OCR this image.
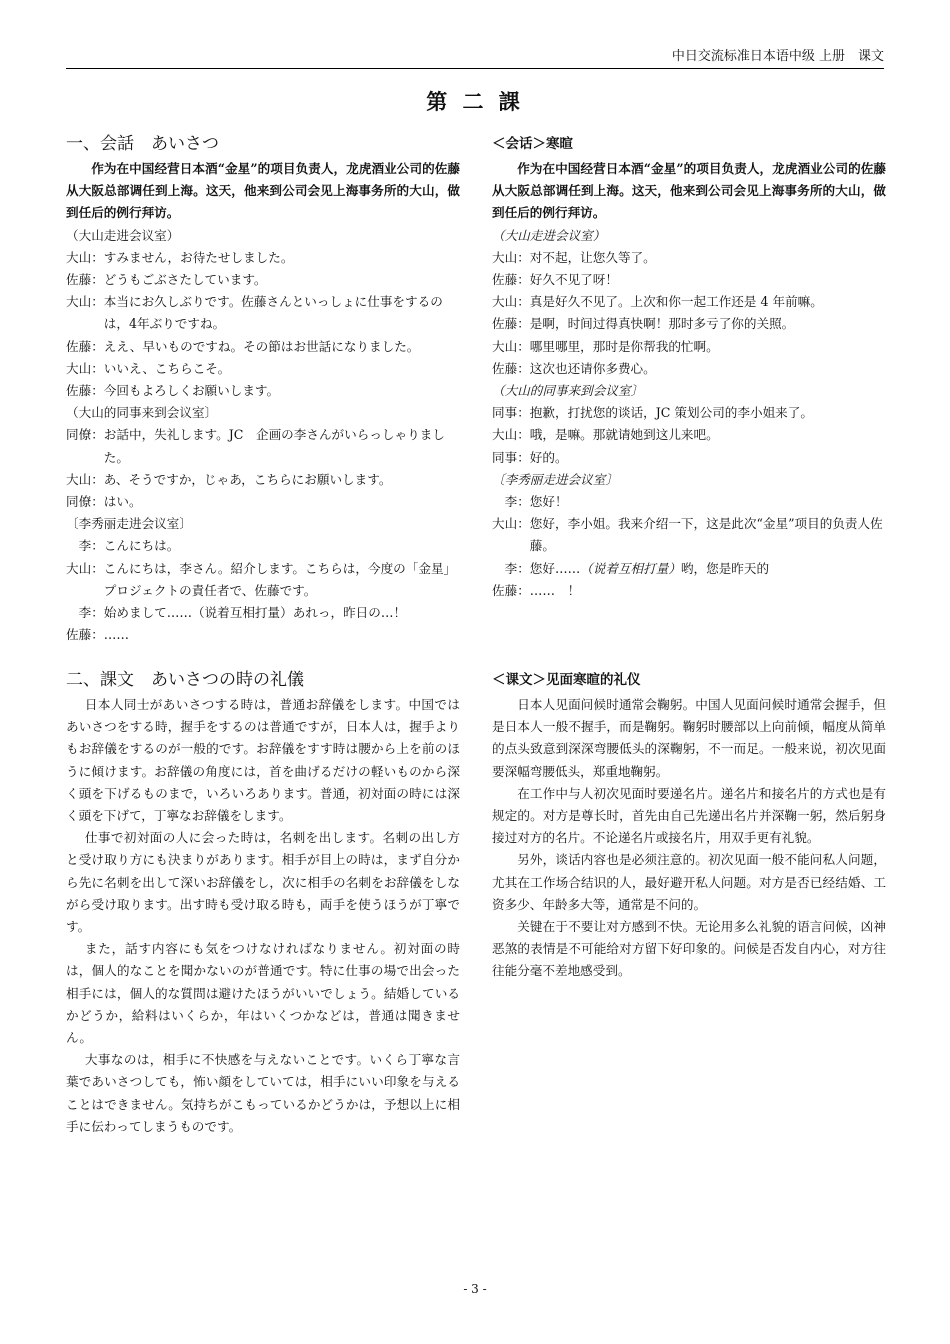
中日交流标准日本语中级 上册　课文
第 二 課
一、会話　あいさつ
作为在中国经营日本酒“金星”的项目负责人，龙虎酒业公司的佐藤从大阪总部调任到上海。这天，他来到公司会见上海事务所的大山，做到任后的例行拜访。
（大山走进会议室）
大山： すみません，お待たせしました。
佐藤： どうもごぶさたしています。
大山： 本当にお久しぶりです。佐藤さんといっしょに仕事をするのは，4年ぶりですね。
佐藤： ええ、早いものですね。その節はお世話になりました。
大山： いいえ、こちらこそ。
佐藤： 今回もよろしくお願いします。
（大山的同事来到会议室〕
同僚： お話中，失礼します。JC　企画の李さんがいらっしゃりました。
大山： あ、そうですか，じゃあ，こちらにお願いします。
同僚： はい。
〔李秀丽走进会议室〕
　李： こんにちは。
大山： こんにちは，李さん。紹介します。こちらは，今度の「金星」プロジェクトの責任者で、佐藤です。
　李： 始めまして……（说着互相打量）あれっ，昨日の…！
佐藤： ……
二、課文　あいさつの時の礼儀
日本人同士があいさつする時は，普通お辞儀をします。中国ではあいさつをする時，握手をするのは普通ですが，日本人は，握手よりもお辞儀をするのが一般的です。お辞儀をすす時は腰から上を前のほうに傾けます。お辞儀の角度には，首を曲げるだけの軽いものから深く頭を下げるものまで，いろいろあります。普通，初対面の時には深く頭を下げて，丁寧なお辞儀をします。
仕事で初対面の人に会った時は，名刺を出します。名刺の出し方と受け取り方にも決まりがあります。相手が目上の時は，まず自分から先に名刺を出して深いお辞儀をし，次に相手の名刺をお辞儀をしながら受け取ります。出す時も受け取る時も，両手を使うほうが丁寧です。
また，話す内容にも気をつけなければなりません。初対面の時は，個人的なことを聞かないのが普通です。特に仕事の場で出会った相手には，個人的な質問は避けたほうがいいでしょう。結婚しているかどうか，給料はいくらか，年はいくつかなどは，普通は聞きません。
大事なのは，相手に不快感を与えないことです。いくら丁寧な言葉であいさつしても，怖い顔をしていては，相手にいい印象を与えることはできません。気持ちがこもっているかどうかは，予想以上に相手に伝わってしまうものです。
＜会话＞寒暄
作为在中国经营日本酒“金星”的项目负责人，龙虎酒业公司的佐藤从大阪总部调任到上海。这天，他来到公司会见上海事务所的大山，做到任后的例行拜访。
（大山走进会议室）
大山： 对不起，让您久等了。
佐藤： 好久不见了呀！
大山： 真是好久不见了。上次和你一起工作还是 4 年前嘛。
佐藤： 是啊，时间过得真快啊！那时多亏了你的关照。
大山： 哪里哪里，那时是你帮我的忙啊。
佐藤： 这次也还请你多费心。
（大山的同事来到会议室〕
同事： 抱歉，打扰您的谈话，JC 策划公司的李小姐来了。
大山： 哦，是嘛。那就请她到这儿来吧。
同事： 好的。
〔李秀丽走进会议室〕
　李： 您好！
大山： 您好，李小姐。我来介绍一下，这是此次“金星”项目的负责人佐藤。
　李： 您好……（说着互相打量）哟，您是昨天的
佐藤： ……　！
＜课文＞见面寒暄的礼仪
日本人见面问候时通常会鞠躬。中国人见面问候时通常会握手，但是日本人一般不握手，而是鞠躬。鞠躬时腰部以上向前倾，幅度从简单的点头致意到深深弯腰低头的深鞠躬，不一而足。一般来说，初次见面要深幅弯腰低头，郑重地鞠躬。
在工作中与人初次见面时要递名片。递名片和接名片的方式也是有规定的。对方是尊长时，首先由自己先递出名片并深鞠一躬，然后躬身接过对方的名片。不论递名片或接名片，用双手更有礼貌。
另外，谈话内容也是必须注意的。初次见面一般不能问私人问题，尤其在工作场合结识的人，最好避开私人问题。对方是否已经结婚、工资多少、年龄多大等，通常是不问的。
关键在于不要让对方感到不快。无论用多么礼貌的语言问候，凶神恶煞的表情是不可能给对方留下好印象的。问候是否发自内心，对方往往能分毫不差地感受到。
- 3 -
